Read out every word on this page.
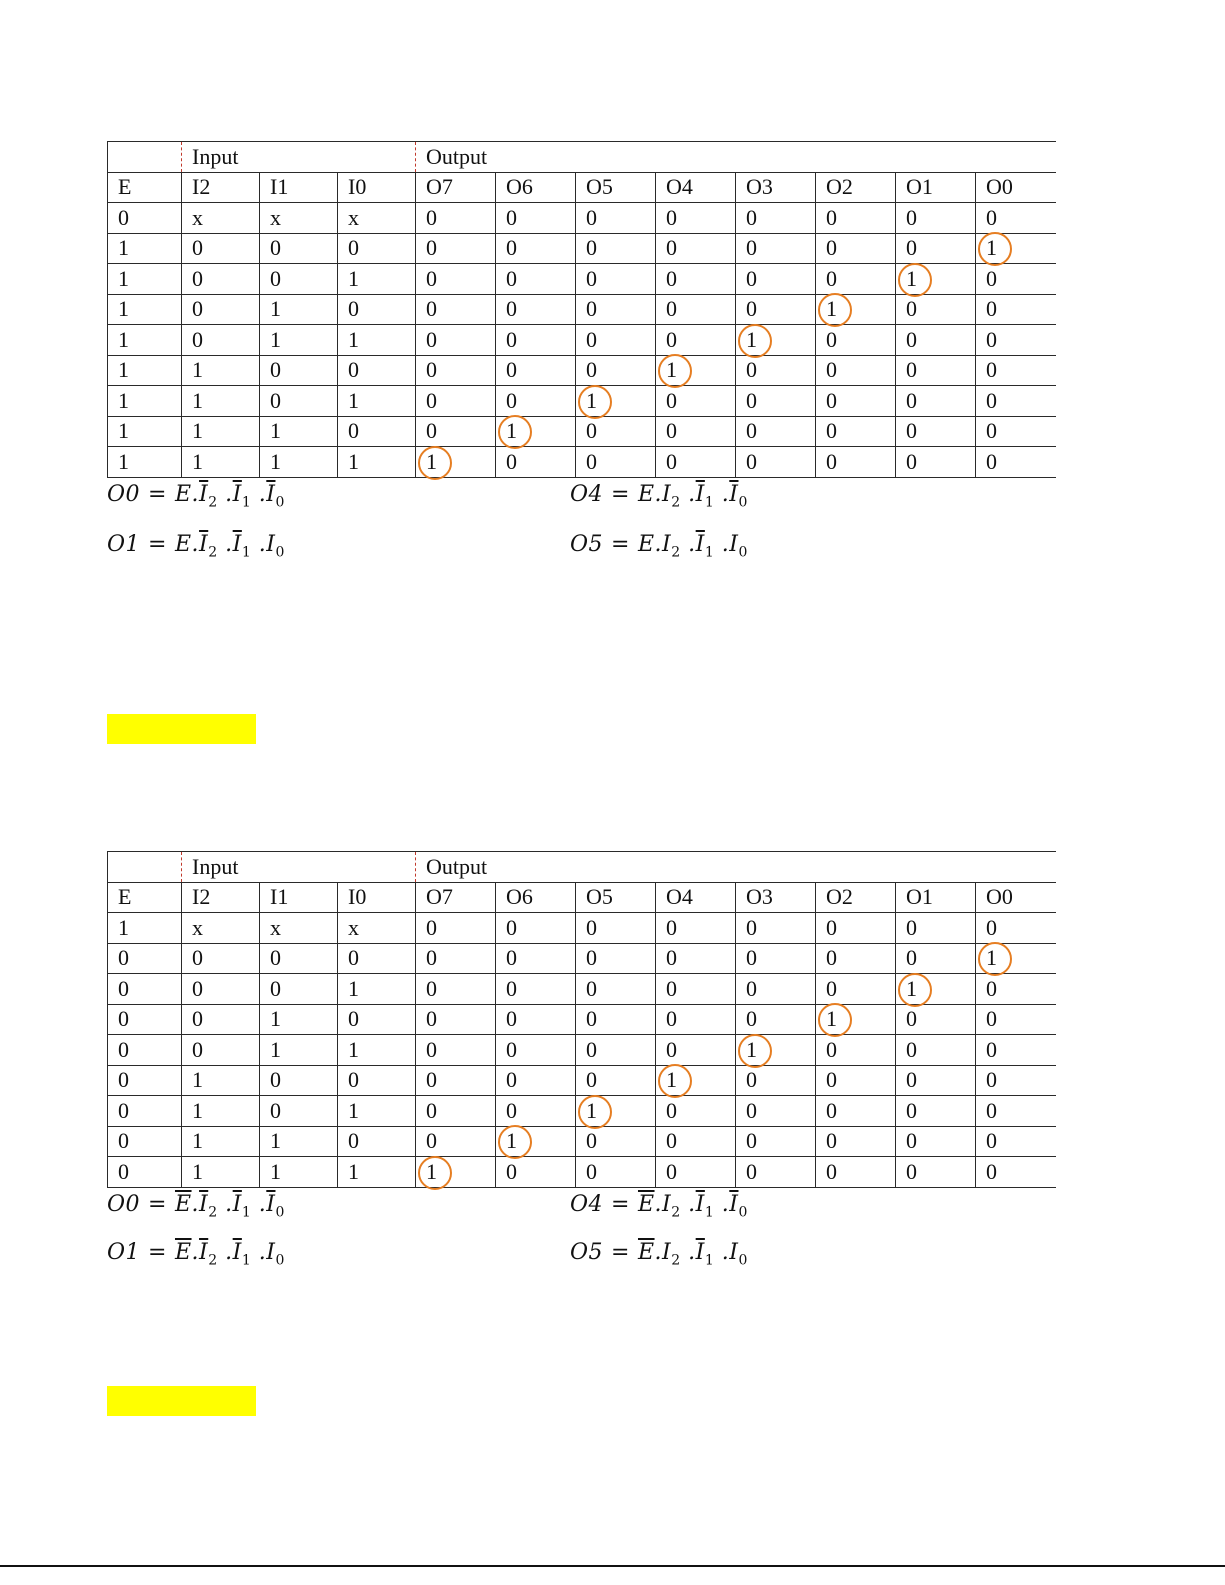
	Input			Output							
E	I2	I1	I0	O7	O6	O5	O4	O3	O2	O1	O0
0	x	x	x	0	0	0	0	0	0	0	0
1	0	0	0	0	0	0	0	0	0	0	1
1	0	0	1	0	0	0	0	0	0	1	0
1	0	1	0	0	0	0	0	0	1	0	0
1	0	1	1	0	0	0	0	1	0	0	0
1	1	0	0	0	0	0	1	0	0	0	0
1	1	0	1	0	0	1	0	0	0	0	0
1	1	1	0	0	1	0	0	0	0	0	0
1	1	1	1	1	0	0	0	0	0	0	0
$O0 = E.\overline{I}_2$ $.\overline{I}_1$ $.\overline{I}_0$
$O1 = E.\overline{I}_2$ $.\overline{I}_1$ $.I_0$
$O4 = E.I_2$ $.\overline{I}_1$ $.\overline{I}_0$
$O5 = E.I_2$ $.\overline{I}_1$ $.I_0$
	Input			Output							
E	I2	I1	I0	O7	O6	O5	O4	O3	O2	O1	O0
1	x	x	x	0	0	0	0	0	0	0	0
0	0	0	0	0	0	0	0	0	0	0	1
0	0	0	1	0	0	0	0	0	0	1	0
0	0	1	0	0	0	0	0	0	1	0	0
0	0	1	1	0	0	0	0	1	0	0	0
0	1	0	0	0	0	0	1	0	0	0	0
0	1	0	1	0	0	1	0	0	0	0	0
0	1	1	0	0	1	0	0	0	0	0	0
0	1	1	1	1	0	0	0	0	0	0	0
$O0 = \overline{E}.\overline{I}_2$ $.\overline{I}_1$ $.\overline{I}_0$
$O1 = \overline{E}.\overline{I}_2$ $.\overline{I}_1$ $.I_0$
$O4 = \overline{E}.I_2$ $.\overline{I}_1$ $.\overline{I}_0$
$O5 = \overline{E}.I_2$ $.\overline{I}_1$ $.I_0$
